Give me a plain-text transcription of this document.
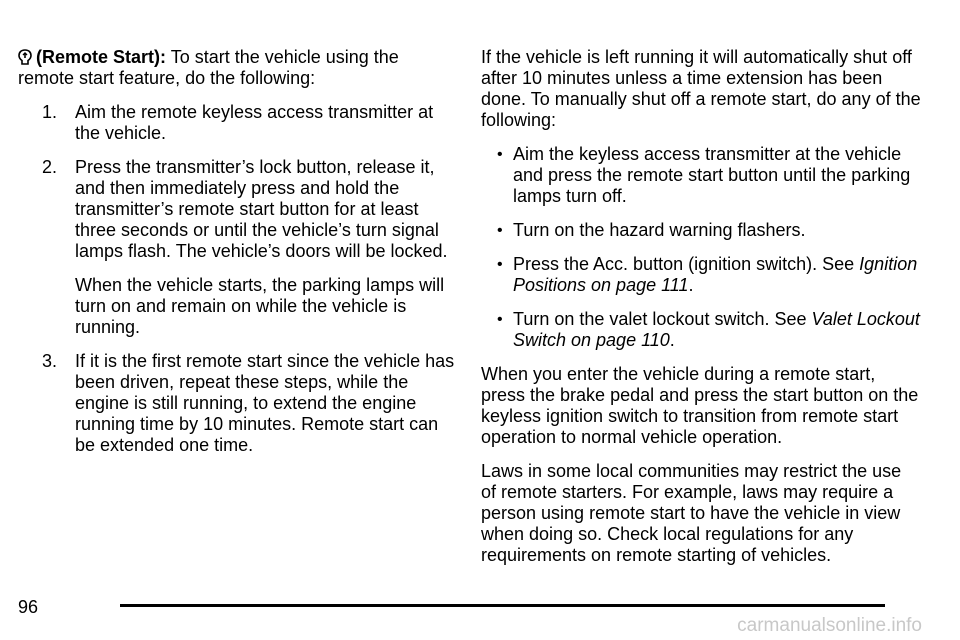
(Remote Start): To start the vehicle using the remote start feature, do the following:

1. Aim the remote keyless access transmitter at the vehicle.
2. Press the transmitter’s lock button, release it, and then immediately press and hold the transmitter’s remote start button for at least three seconds or until the vehicle’s turn signal lamps flash. The vehicle’s doors will be locked.

When the vehicle starts, the parking lamps will turn on and remain on while the vehicle is running.

3. If it is the first remote start since the vehicle has been driven, repeat these steps, while the engine is still running, to extend the engine running time by 10 minutes. Remote start can be extended one time.

If the vehicle is left running it will automatically shut off after 10 minutes unless a time extension has been done. To manually shut off a remote start, do any of the following:

• Aim the keyless access transmitter at the vehicle and press the remote start button until the parking lamps turn off.
• Turn on the hazard warning flashers.
• Press the Acc. button (ignition switch). See Ignition Positions on page 111.
• Turn on the valet lockout switch. See Valet Lockout Switch on page 110.

When you enter the vehicle during a remote start, press the brake pedal and press the start button on the keyless ignition switch to transition from remote start operation to normal vehicle operation.

Laws in some local communities may restrict the use of remote starters. For example, laws may require a person using remote start to have the vehicle in view when doing so. Check local regulations for any requirements on remote starting of vehicles.

96
carmanualsonline.info
